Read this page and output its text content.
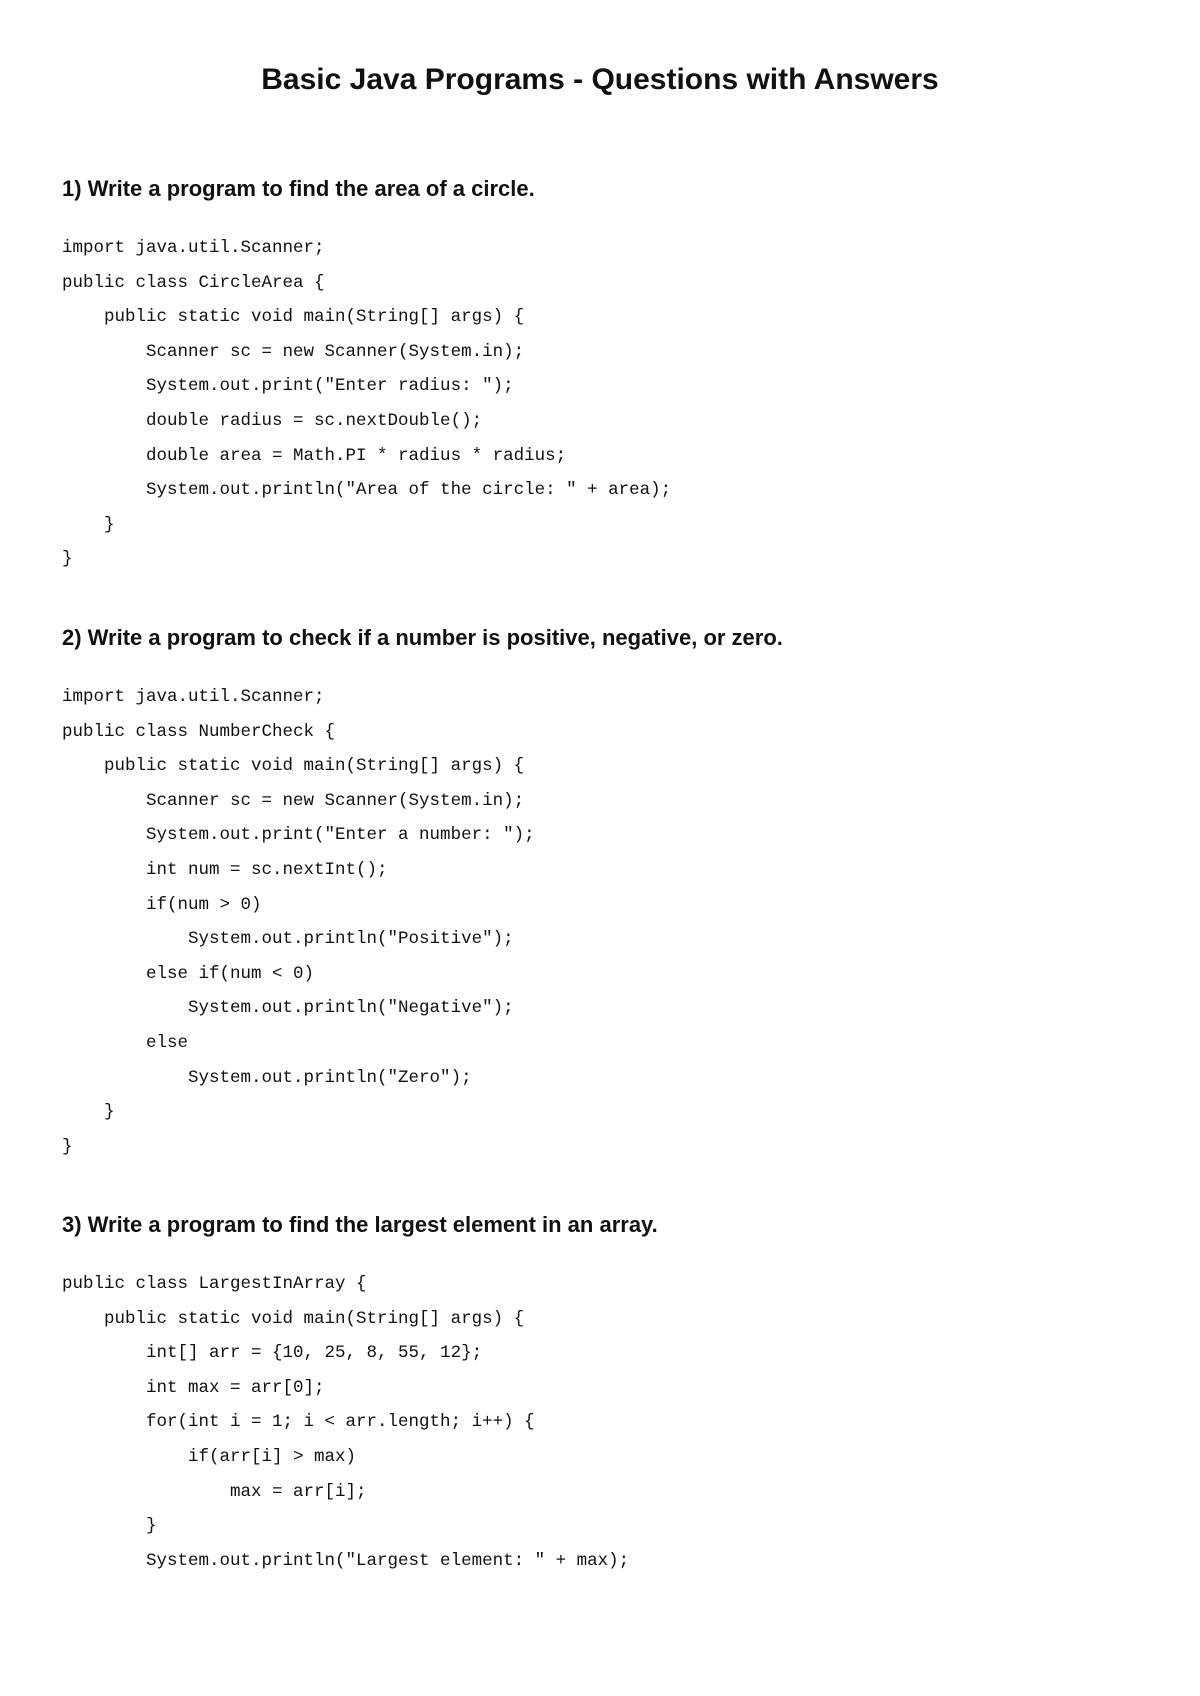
Basic Java Programs - Questions with Answers
1) Write a program to find the area of a circle.
import java.util.Scanner;
public class CircleArea {
public static void main(String[] args) {
Scanner sc = new Scanner(System.in);
System.out.print("Enter radius: ");
double radius = sc.nextDouble();
double area = Math.PI * radius * radius;
System.out.println("Area of the circle: " + area);
}
}
2) Write a program to check if a number is positive, negative, or zero.
import java.util.Scanner;
public class NumberCheck {
public static void main(String[] args) {
Scanner sc = new Scanner(System.in);
System.out.print("Enter a number: ");
int num = sc.nextInt();
if(num > 0)
System.out.println("Positive");
else if(num < 0)
System.out.println("Negative");
else
System.out.println("Zero");
}
}
3) Write a program to find the largest element in an array.
public class LargestInArray {
public static void main(String[] args) {
int[] arr = {10, 25, 8, 55, 12};
int max = arr[0];
for(int i = 1; i < arr.length; i++) {
if(arr[i] > max)
max = arr[i];
}
System.out.println("Largest element: " + max);
